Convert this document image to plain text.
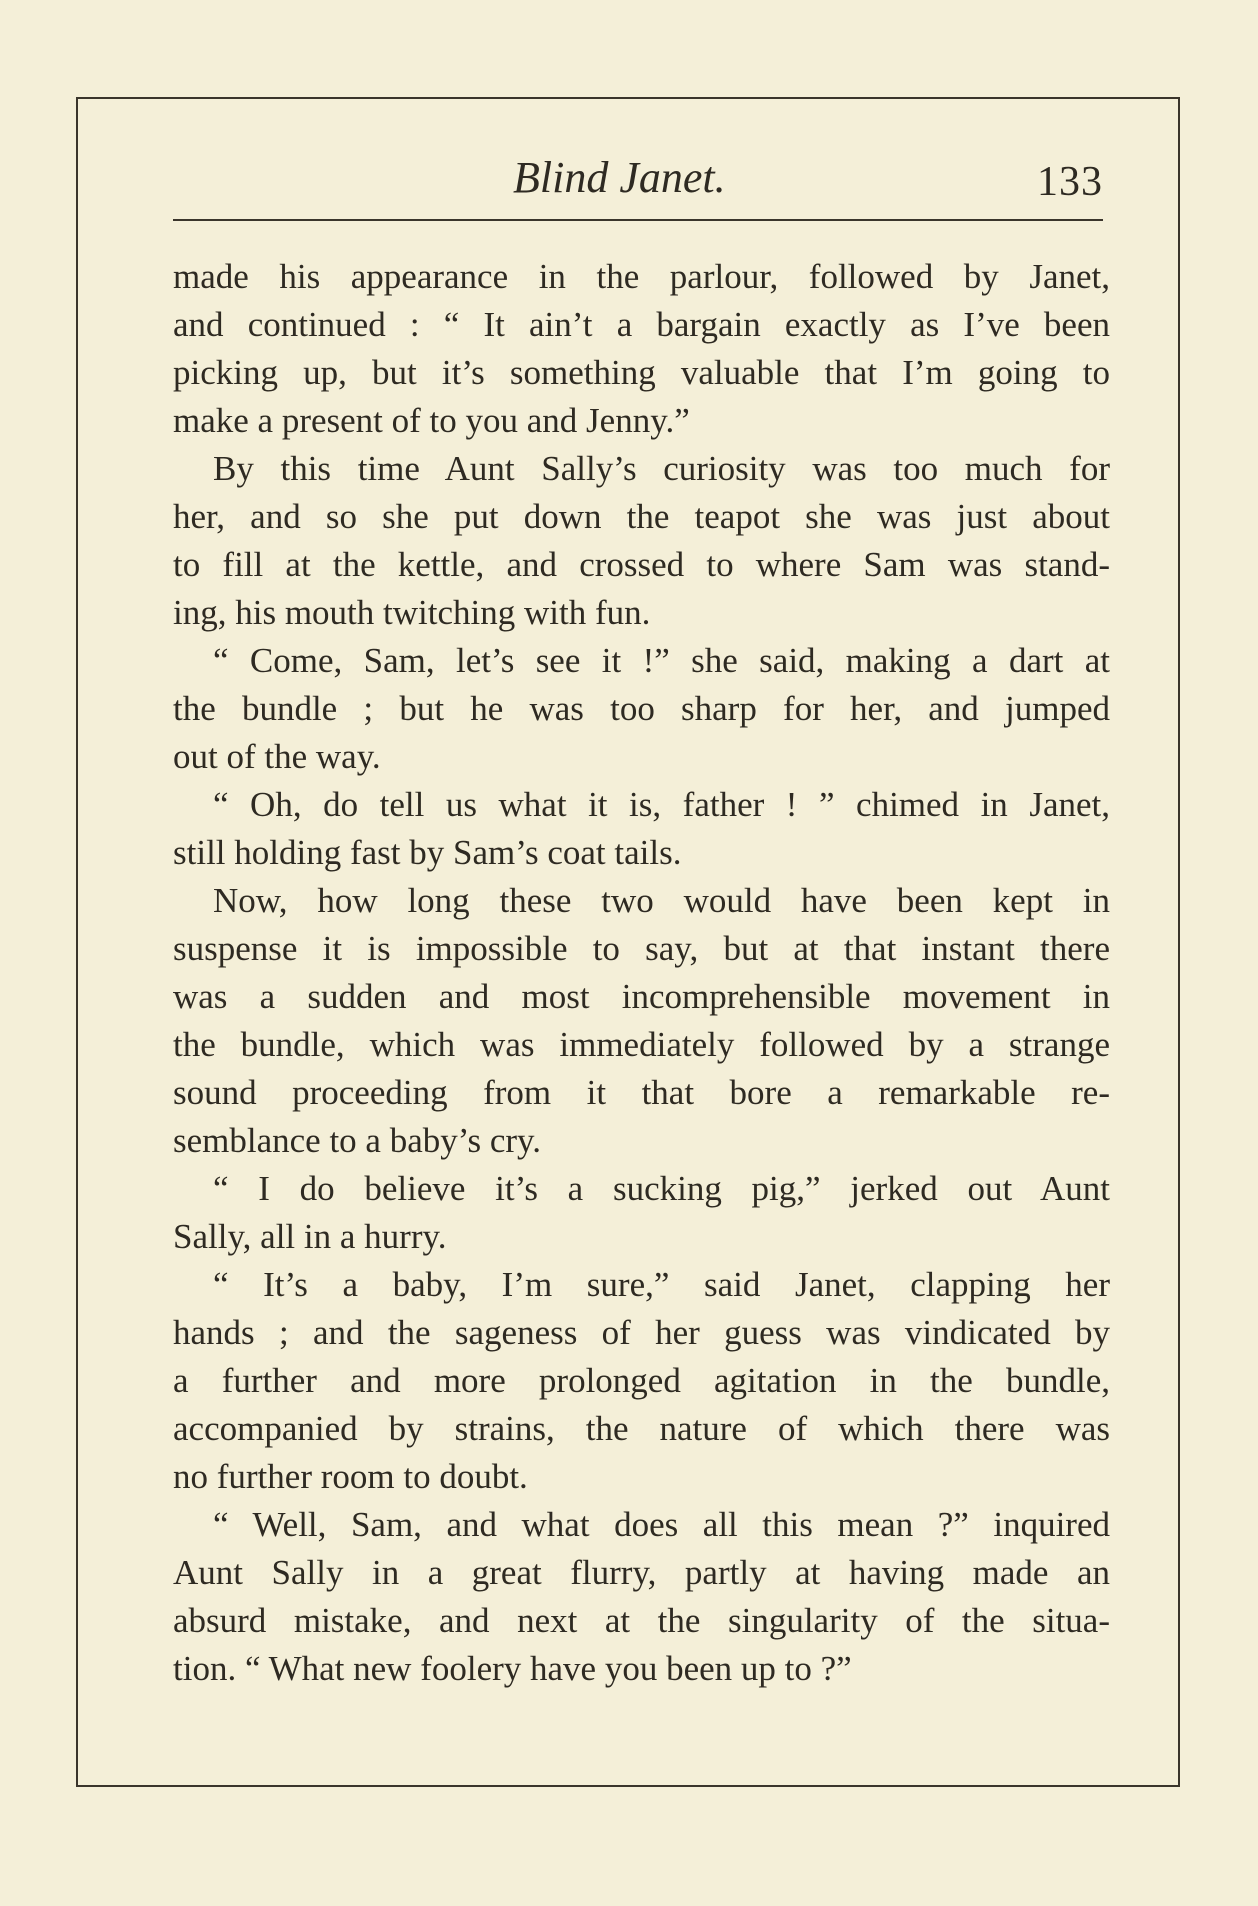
Blind Janet.	133
made his appearance in the parlour, followed by Janet,
and continued : “ It ain’t a bargain exactly as I’ve been
picking up, but it’s something valuable that I’m going to
make a present of to you and Jenny.”
By this time Aunt Sally’s curiosity was too much for
her, and so she put down the teapot she was just about
to fill at the kettle, and crossed to where Sam was stand-
ing, his mouth twitching with fun.
“ Come, Sam, let’s see it !” she said, making a dart at
the bundle ; but he was too sharp for her, and jumped
out of the way.
“ Oh, do tell us what it is, father ! ” chimed in Janet,
still holding fast by Sam’s coat tails.
Now, how long these two would have been kept in
suspense it is impossible to say, but at that instant there
was a sudden and most incomprehensible movement in
the bundle, which was immediately followed by a strange
sound proceeding from it that bore a remarkable re-
semblance to a baby’s cry.
“ I do believe it’s a sucking pig,” jerked out Aunt
Sally, all in a hurry.
“ It’s a baby, I’m sure,” said Janet, clapping her
hands ; and the sageness of her guess was vindicated by
a further and more prolonged agitation in the bundle,
accompanied by strains, the nature of which there was
no further room to doubt.
“ Well, Sam, and what does all this mean ?” inquired
Aunt Sally in a great flurry, partly at having made an
absurd mistake, and next at the singularity of the situa-
tion. “ What new foolery have you been up to ?”
